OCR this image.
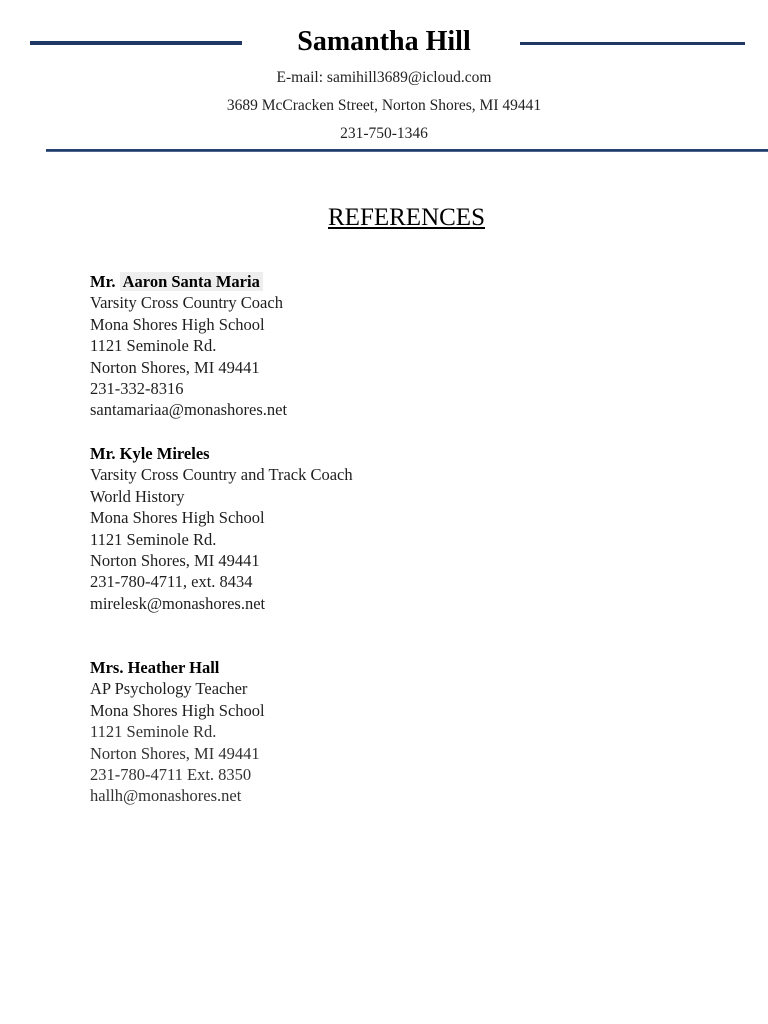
Samantha Hill
E-mail: samihill3689@icloud.com
3689 McCracken Street, Norton Shores, MI 49441
231-750-1346
REFERENCES
Mr. Aaron Santa Maria
Varsity Cross Country Coach
Mona Shores High School
1121 Seminole Rd.
Norton Shores, MI 49441
231-332-8316
santamariaa@monashores.net
Mr. Kyle Mireles
Varsity Cross Country and Track Coach
World History
Mona Shores High School
1121 Seminole Rd.
Norton Shores, MI 49441
231-780-4711, ext. 8434
mirelesk@monashores.net
Mrs. Heather Hall
AP Psychology Teacher
Mona Shores High School
1121 Seminole Rd.
Norton Shores, MI 49441
231-780-4711 Ext. 8350
hallh@monashores.net
